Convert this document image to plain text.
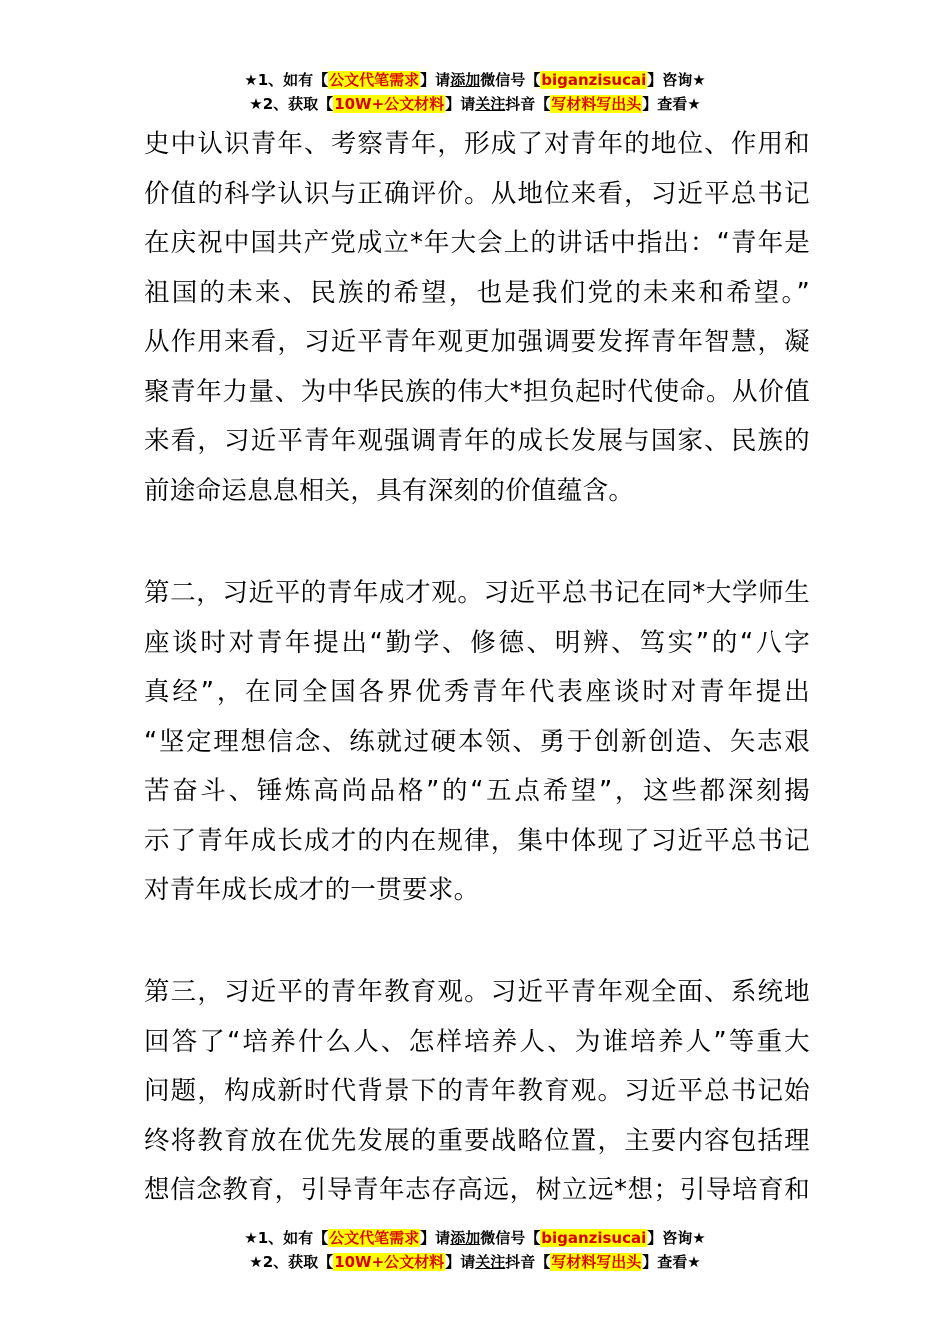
★1、如有【公文代笔需求】请添加微信号【biganzisucai】咨询★
★2、获取【10W+公文材料】请关注抖音【写材料写出头】查看★

史中认识青年、考察青年，形成了对青年的地位、作用和

价值的科学认识与正确评价。从地位来看，习近平总书记

在庆祝中国共产党成立*年大会上的讲话中指出：“青年是

祖国的未来、民族的希望，也是我们党的未来和希望。”

从作用来看，习近平青年观更加强调要发挥青年智慧，凝

聚青年力量、为中华民族的伟大*担负起时代使命。从价值

来看，习近平青年观强调青年的成长发展与国家、民族的

前途命运息息相关，具有深刻的价值蕴含。

第二，习近平的青年成才观。习近平总书记在同*大学师生

座谈时对青年提出“勤学、修德、明辨、笃实”的“八字

真经”，在同全国各界优秀青年代表座谈时对青年提出

“坚定理想信念、练就过硬本领、勇于创新创造、矢志艰

苦奋斗、锤炼高尚品格”的“五点希望”，这些都深刻揭

示了青年成长成才的内在规律，集中体现了习近平总书记

对青年成长成才的一贯要求。

第三，习近平的青年教育观。习近平青年观全面、系统地

回答了“培养什么人、怎样培养人、为谁培养人”等重大

问题，构成新时代背景下的青年教育观。习近平总书记始

终将教育放在优先发展的重要战略位置，主要内容包括理

想信念教育，引导青年志存高远，树立远*想；引导培育和

★1、如有【公文代笔需求】请添加微信号【biganzisucai】咨询★
★2、获取【10W+公文材料】请关注抖音【写材料写出头】查看★
